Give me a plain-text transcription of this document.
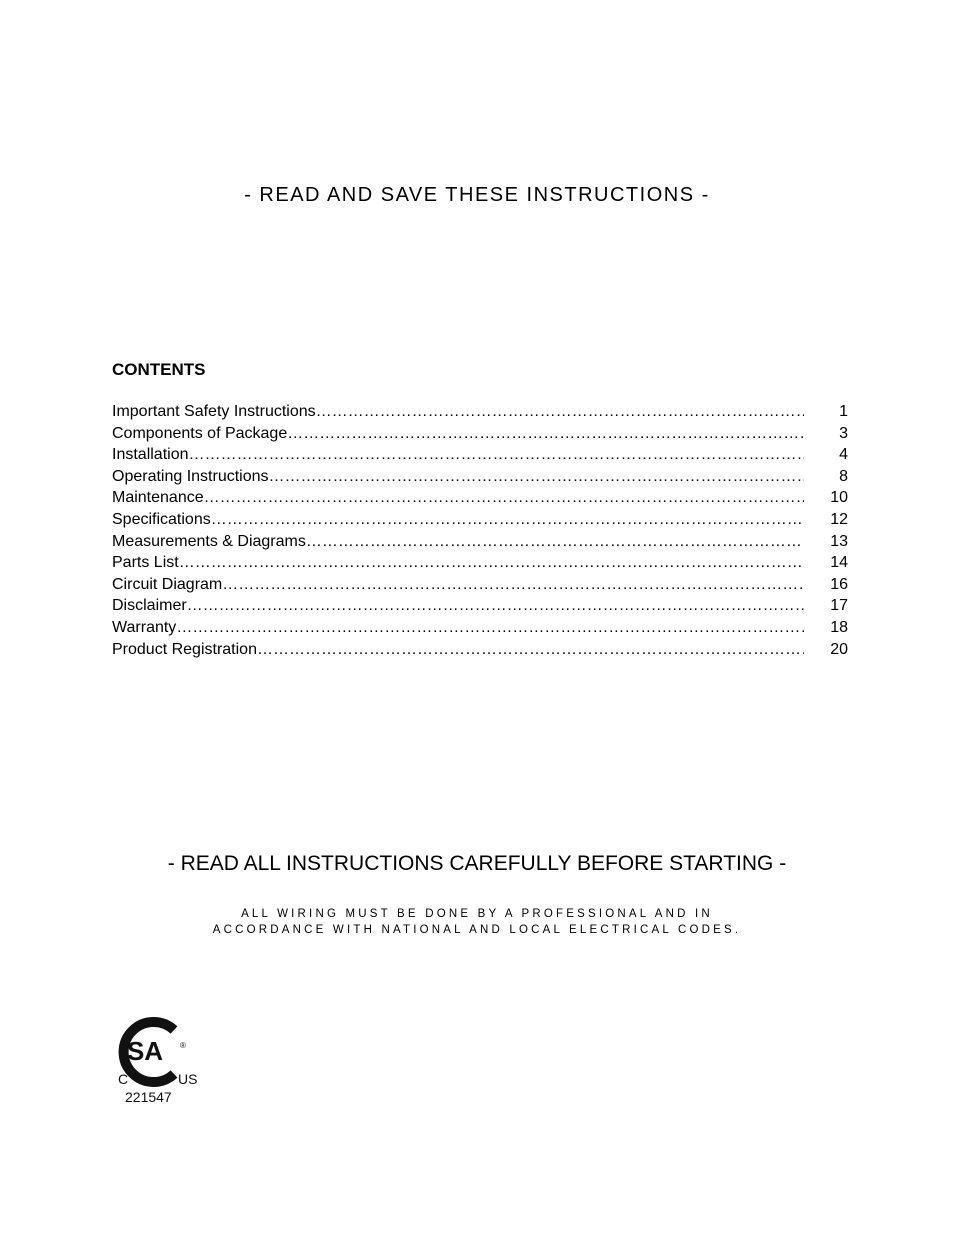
- READ AND SAVE THESE INSTRUCTIONS -
CONTENTS
Important Safety Instructions ……………………………………………………………………………………………………………………………………………………………………………………………	1
Components of Package ……………………………………………………………………………………………………………………………………………………………………………………………	3
Installation ……………………………………………………………………………………………………………………………………………………………………………………………	4
Operating Instructions ……………………………………………………………………………………………………………………………………………………………………………………………	8
Maintenance ……………………………………………………………………………………………………………………………………………………………………………………………	10
Specifications ……………………………………………………………………………………………………………………………………………………………………………………………	12
Measurements & Diagrams ……………………………………………………………………………………………………………………………………………………………………………………………	13
Parts List ……………………………………………………………………………………………………………………………………………………………………………………………	14
Circuit Diagram ……………………………………………………………………………………………………………………………………………………………………………………………	16
Disclaimer ……………………………………………………………………………………………………………………………………………………………………………………………	17
Warranty ……………………………………………………………………………………………………………………………………………………………………………………………	18
Product Registration ……………………………………………………………………………………………………………………………………………………………………………………………	20
- READ ALL INSTRUCTIONS CAREFULLY BEFORE STARTING -
ALL WIRING MUST BE DONE BY A PROFESSIONAL AND IN
ACCORDANCE WITH NATIONAL AND LOCAL ELECTRICAL CODES.
SA ®
C	US
221547
